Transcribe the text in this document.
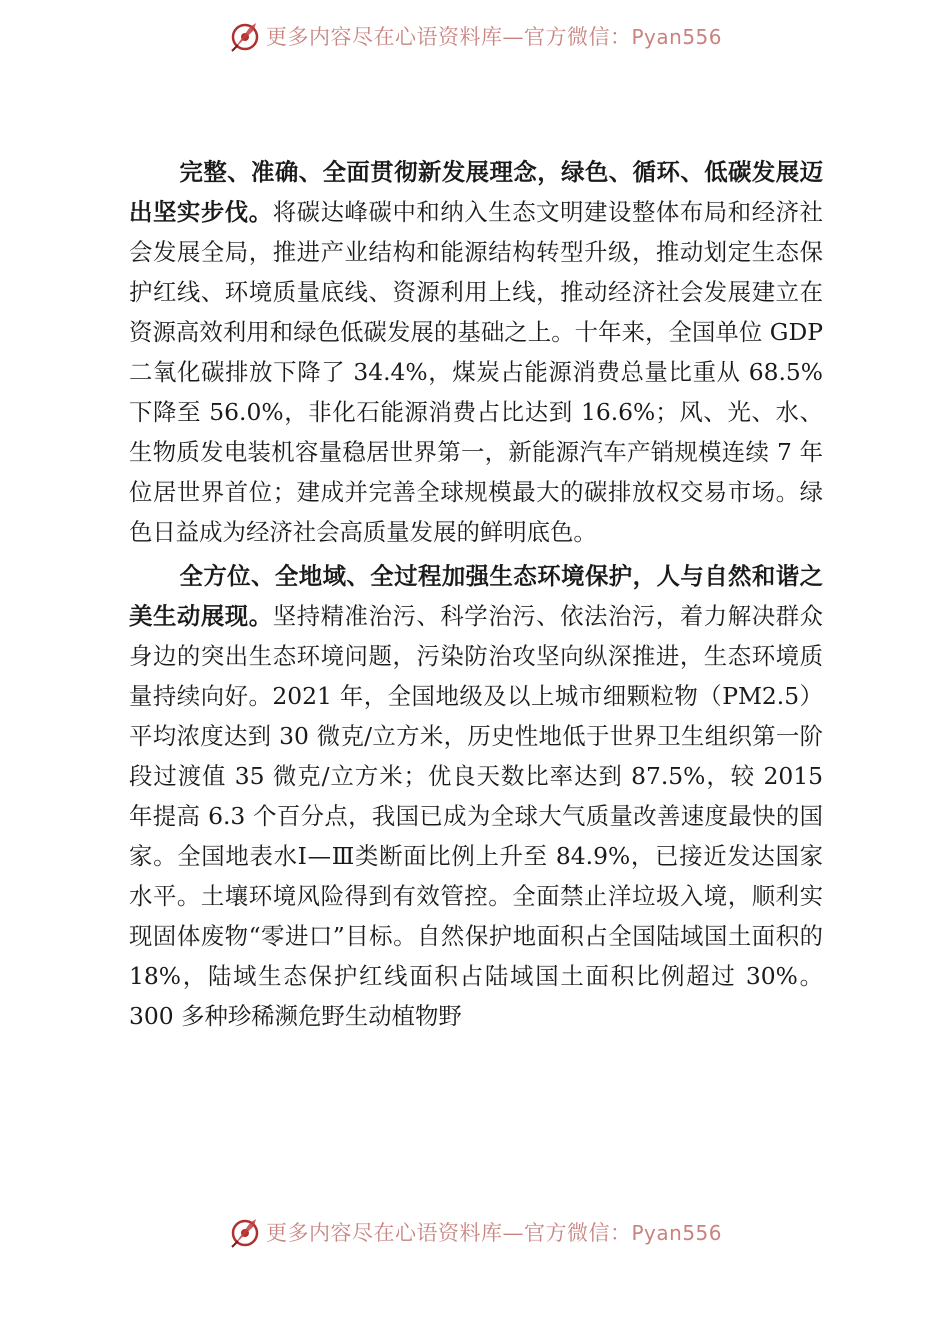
更多内容尽在心语资料库—官方微信：Pyan556

完整、准确、全面贯彻新发展理念，绿色、循环、低碳发展迈出坚实步伐。将碳达峰碳中和纳入生态文明建设整体布局和经济社会发展全局，推进产业结构和能源结构转型升级，推动划定生态保护红线、环境质量底线、资源利用上线，推动经济社会发展建立在资源高效利用和绿色低碳发展的基础之上。十年来，全国单位 GDP 二氧化碳排放下降了 34.4%，煤炭占能源消费总量比重从 68.5%下降至 56.0%，非化石能源消费占比达到 16.6%；风、光、水、生物质发电装机容量稳居世界第一，新能源汽车产销规模连续 7 年位居世界首位；建成并完善全球规模最大的碳排放权交易市场。绿色日益成为经济社会高质量发展的鲜明底色。

全方位、全地域、全过程加强生态环境保护，人与自然和谐之美生动展现。坚持精准治污、科学治污、依法治污，着力解决群众身边的突出生态环境问题，污染防治攻坚向纵深推进，生态环境质量持续向好。2021 年，全国地级及以上城市细颗粒物（PM2.5）平均浓度达到 30 微克/立方米，历史性地低于世界卫生组织第一阶段过渡值 35 微克/立方米；优良天数比率达到 87.5%，较 2015 年提高 6.3 个百分点，我国已成为全球大气质量改善速度最快的国家。全国地表水Ⅰ—Ⅲ类断面比例上升至 84.9%，已接近发达国家水平。土壤环境风险得到有效管控。全面禁止洋垃圾入境，顺利实现固体废物“零进口”目标。自然保护地面积占全国陆域国土面积的 18%，陆域生态保护红线面积占陆域国土面积比例超过 30%。300 多种珍稀濒危野生动植物野

更多内容尽在心语资料库—官方微信：Pyan556
